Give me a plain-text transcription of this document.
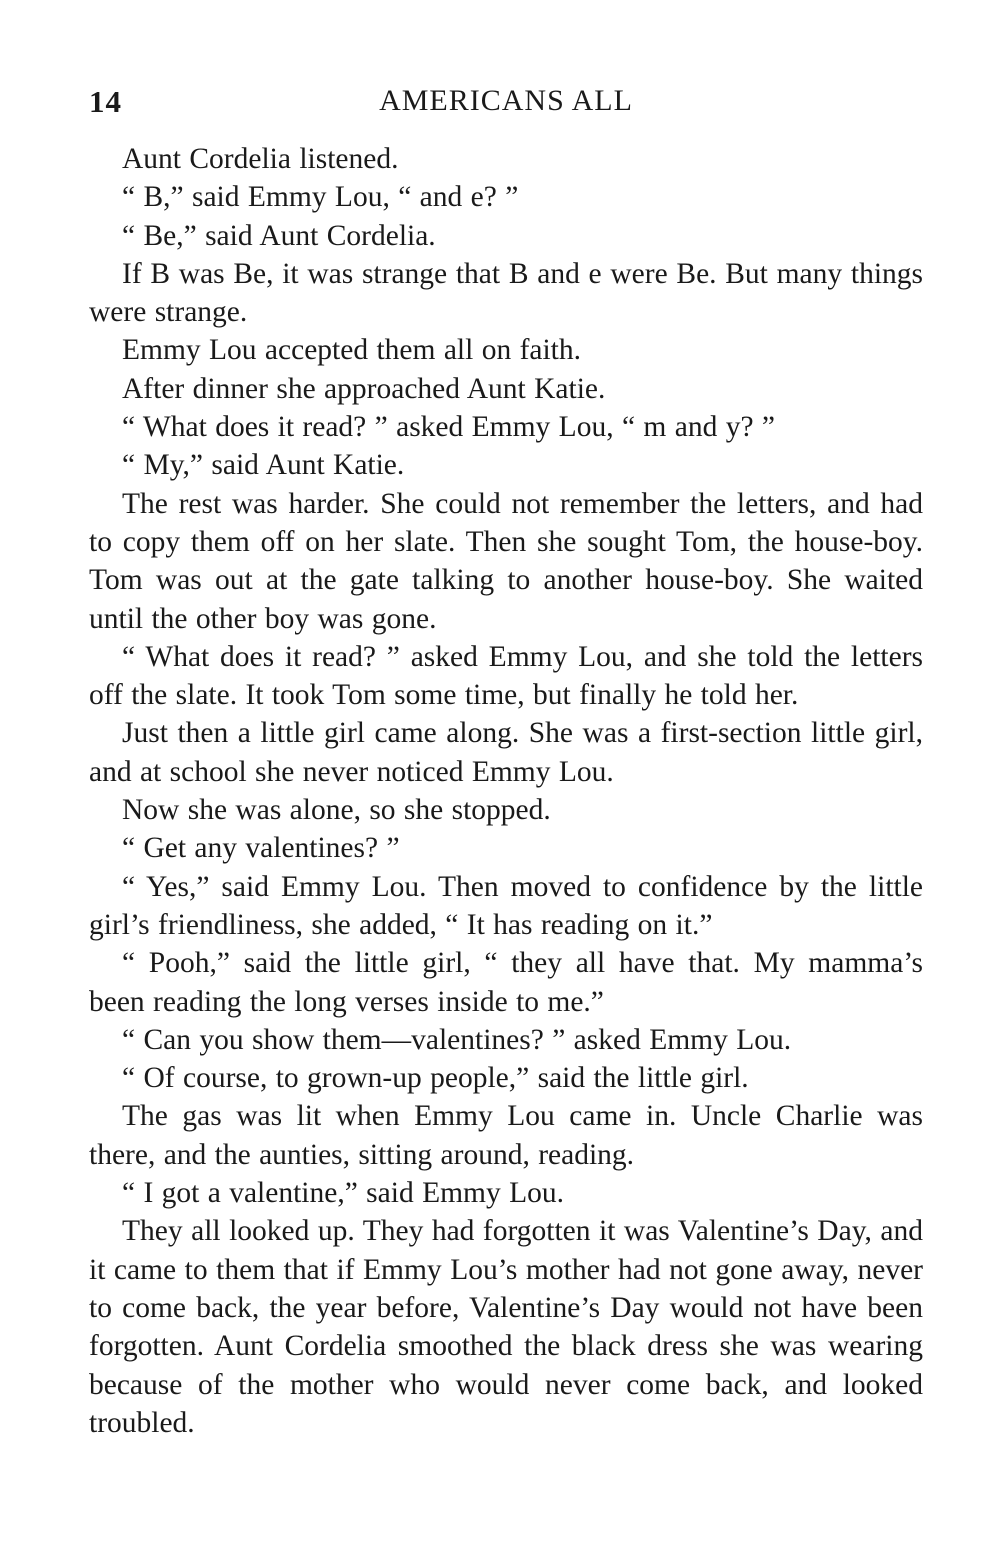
14	AMERICANS ALL

Aunt Cordelia listened.

“ B,” said Emmy Lou, “ and e? ”

“ Be,” said Aunt Cordelia.

If B was Be, it was strange that B and e were Be. But many things were strange.

Emmy Lou accepted them all on faith.

After dinner she approached Aunt Katie.

“ What does it read? ” asked Emmy Lou, “ m and y? ”

“ My,” said Aunt Katie.

The rest was harder. She could not remember the letters, and had to copy them off on her slate. Then she sought Tom, the house-boy. Tom was out at the gate talking to another house-boy. She waited until the other boy was gone.

“ What does it read? ” asked Emmy Lou, and she told the letters off the slate. It took Tom some time, but finally he told her.

Just then a little girl came along. She was a first-section little girl, and at school she never noticed Emmy Lou.

Now she was alone, so she stopped.

“ Get any valentines? ”

“ Yes,” said Emmy Lou. Then moved to confidence by the little girl’s friendliness, she added, “ It has reading on it.”

“ Pooh,” said the little girl, “ they all have that. My mamma’s been reading the long verses inside to me.”

“ Can you show them—valentines? ” asked Emmy Lou.

“ Of course, to grown-up people,” said the little girl.

The gas was lit when Emmy Lou came in. Uncle Charlie was there, and the aunties, sitting around, reading.

“ I got a valentine,” said Emmy Lou.

They all looked up. They had forgotten it was Valentine’s Day, and it came to them that if Emmy Lou’s mother had not gone away, never to come back, the year before, Valentine’s Day would not have been forgotten. Aunt Cordelia smoothed the black dress she was wearing because of the mother who would never come back, and looked troubled.
